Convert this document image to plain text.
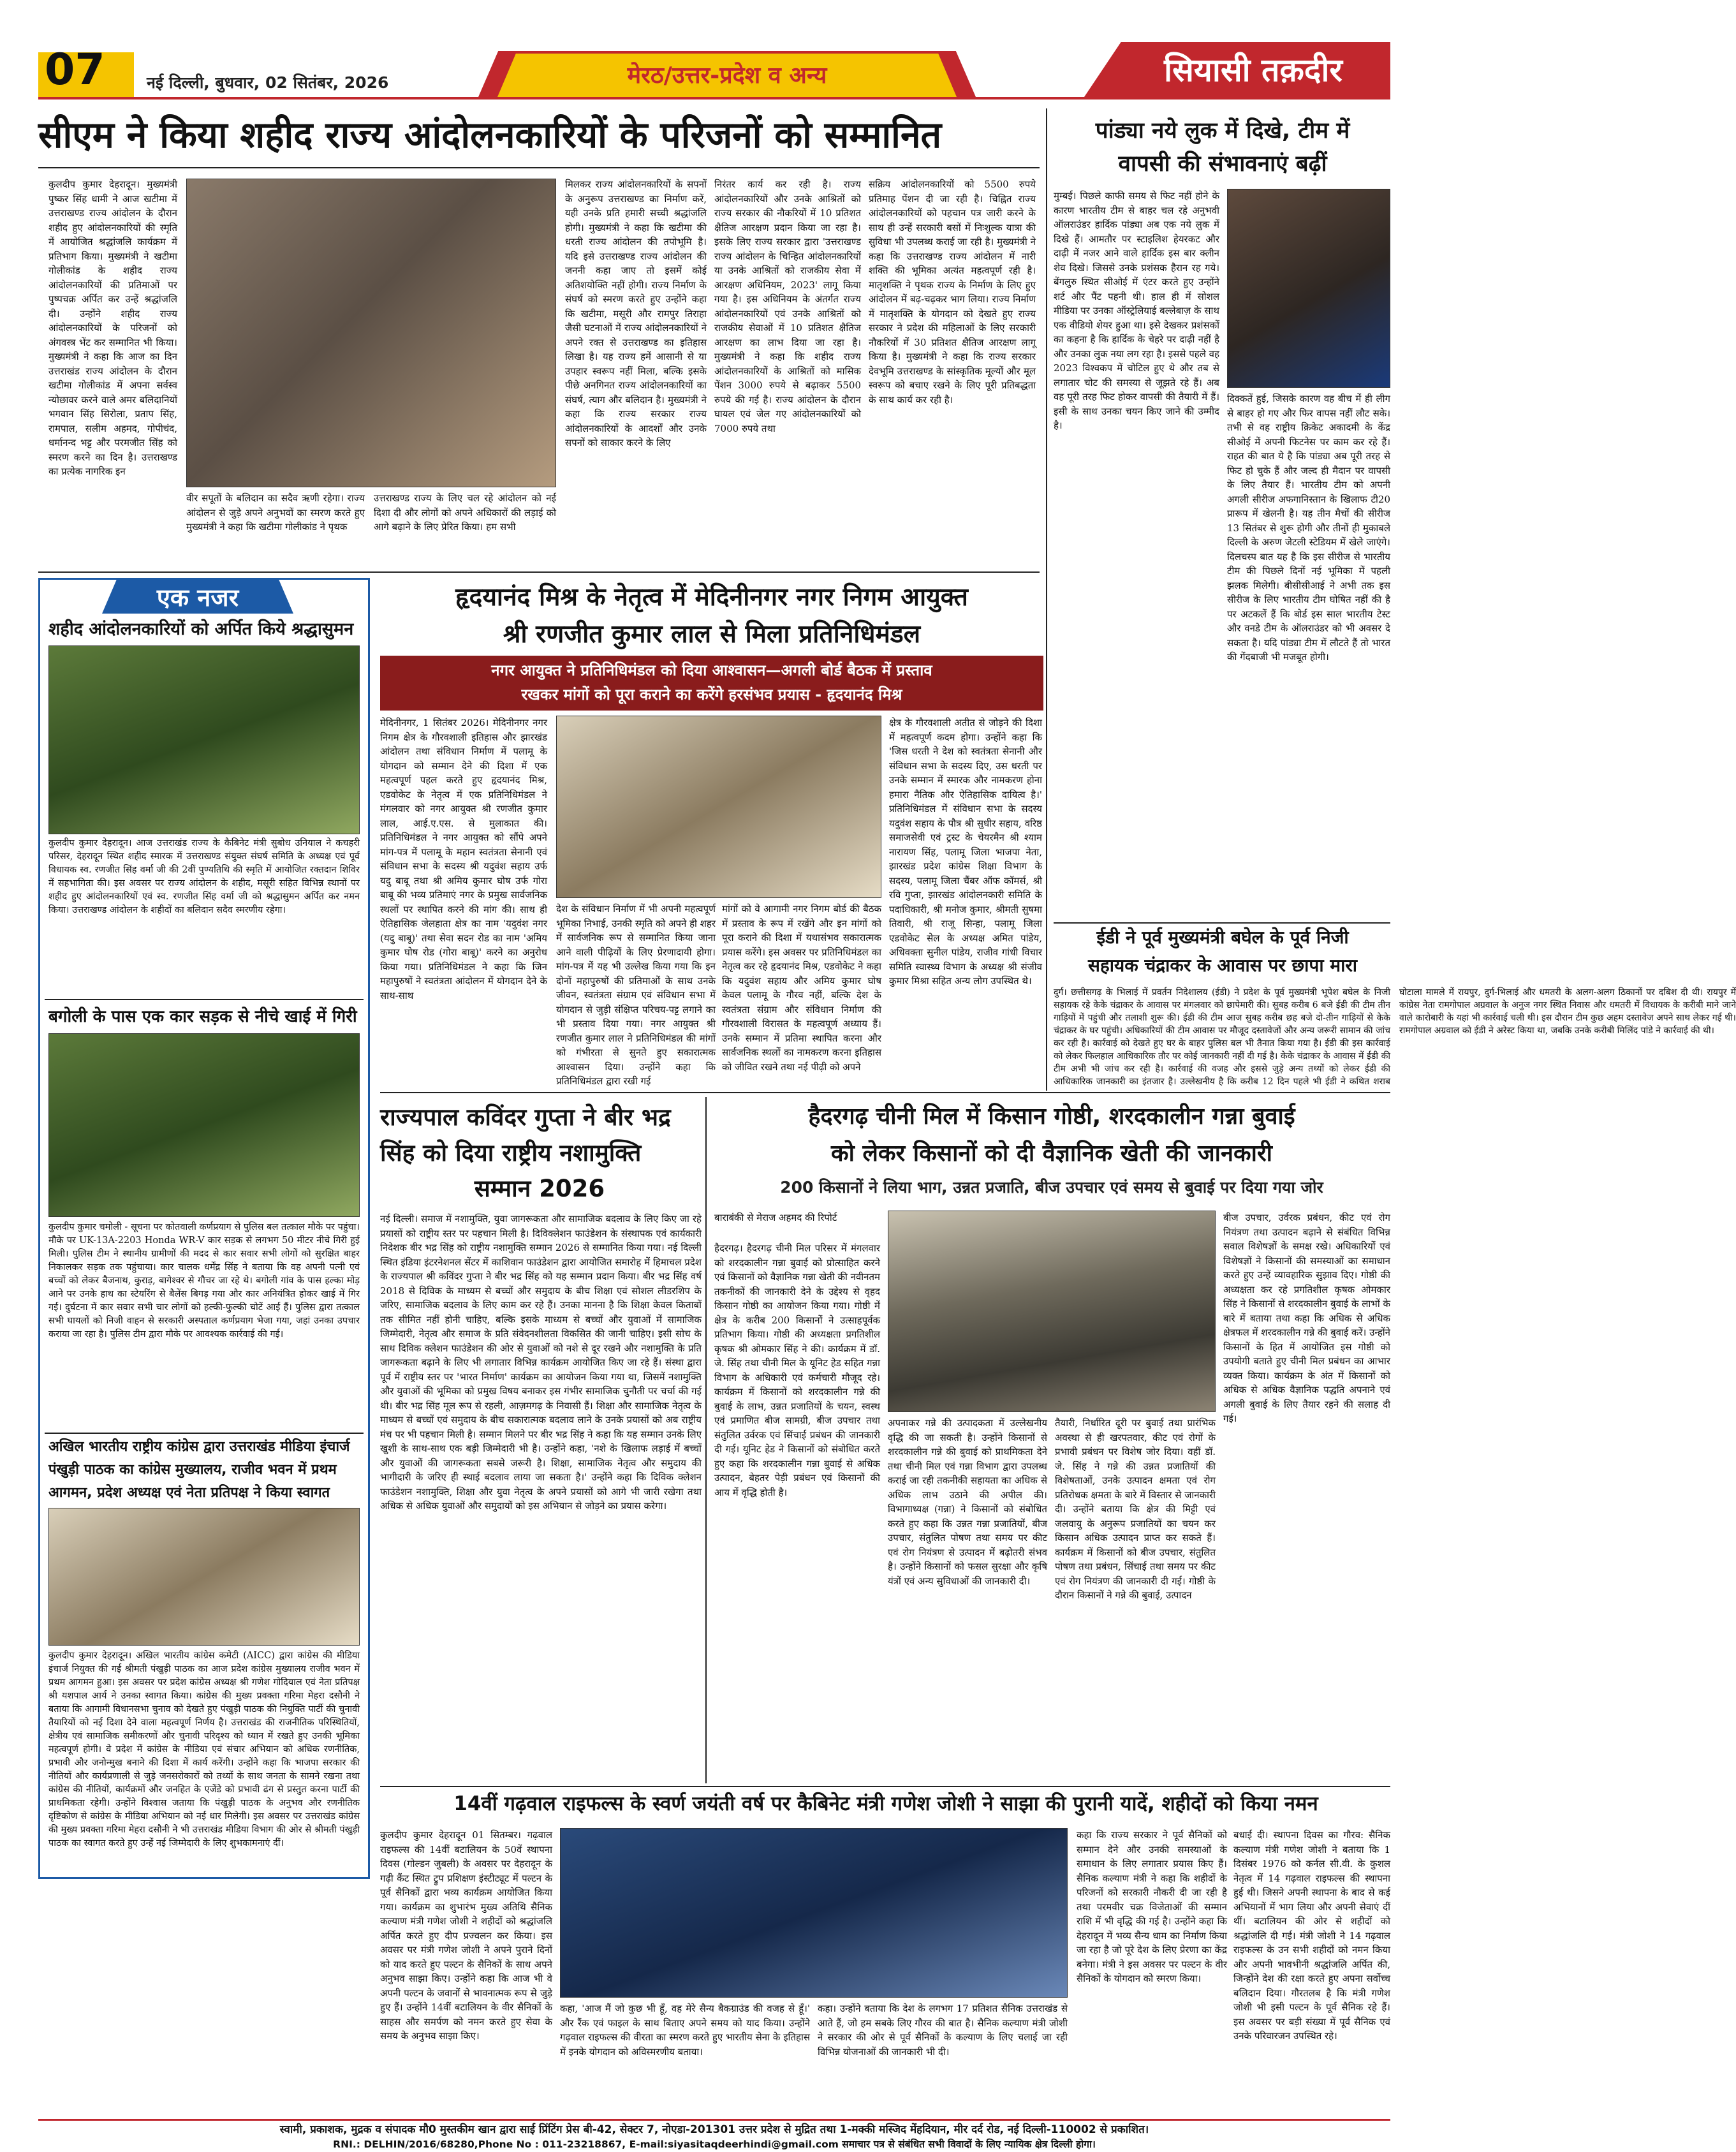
07	नई दिल्ली, बुधवार, 02 सितंबर, 2026	मेरठ/उत्तर-प्रदेश व अन्य	सियासी तक़दीर
सीएम ने किया शहीद राज्य आंदोलनकारियों के परिजनों को सम्मानित
कुलदीप कुमार देहरादून। मुख्यमंत्री पुष्कर सिंह धामी ने आज खटीमा में उत्तराखण्ड राज्य आंदोलन के दौरान शहीद हुए आंदोलनकारियों की स्मृति में आयोजित श्रद्धांजलि कार्यक्रम में प्रतिभाग किया। मुख्यमंत्री ने खटीमा गोलीकांड के शहीद राज्य आंदोलनकारियों की प्रतिमाओं पर पुष्पचक्र अर्पित कर उन्हें श्रद्धांजलि दी। उन्होंने शहीद राज्य आंदोलनकारियों के परिजनों को अंगवस्त्र भेंट कर सम्मानित भी किया। मुख्यमंत्री ने कहा कि आज का दिन उत्तराखंड राज्य आंदोलन के दौरान खटीमा गोलीकांड में अपना सर्वस्व न्योछावर करने वाले अमर बलिदानियों भगवान सिंह सिरोला, प्रताप सिंह, रामपाल, सलीम अहमद, गोपीचंद, धर्मानन्द भट्ट और परमजीत सिंह को स्मरण करने का दिन है। उत्तराखण्ड का प्रत्येक नागरिक इन
वीर सपूतों के बलिदान का सदैव ऋणी रहेगा। राज्य आंदोलन से जुड़े अपने अनुभवों का स्मरण करते हुए मुख्यमंत्री ने कहा कि खटीमा गोलीकांड ने पृथक
उत्तराखण्ड राज्य के लिए चल रहे आंदोलन को नई दिशा दी और लोगों को अपने अधिकारों की लड़ाई को आगे बढ़ाने के लिए प्रेरित किया। हम सभी
मिलकर राज्य आंदोलनकारियों के सपनों के अनुरूप उत्तराखण्ड का निर्माण करें, यही उनके प्रति हमारी सच्ची श्रद्धांजलि होगी। मुख्यमंत्री ने कहा कि खटीमा की धरती राज्य आंदोलन की तपोभूमि है। यदि इसे उत्तराखण्ड राज्य आंदोलन की जननी कहा जाए तो इसमें कोई अतिशयोक्ति नहीं होगी। राज्य निर्माण के संघर्ष को स्मरण करते हुए उन्होंने कहा कि खटीमा, मसूरी और रामपुर तिराहा जैसी घटनाओं में राज्य आंदोलनकारियों ने अपने रक्त से उत्तराखण्ड का इतिहास लिखा है। यह राज्य हमें आसानी से या उपहार स्वरूप नहीं मिला, बल्कि इसके पीछे अनगिनत राज्य आंदोलनकारियों का संघर्ष, त्याग और बलिदान है। मुख्यमंत्री ने कहा कि राज्य सरकार राज्य आंदोलनकारियों के आदर्शों और उनके सपनों को साकार करने के लिए
निरंतर कार्य कर रही है। राज्य आंदोलनकारियों और उनके आश्रितों को राज्य सरकार की नौकरियों में 10 प्रतिशत क्षैतिज आरक्षण प्रदान किया जा रहा है। इसके लिए राज्य सरकार द्वारा 'उत्तराखण्ड राज्य आंदोलन के चिन्हित आंदोलनकारियों या उनके आश्रितों को राजकीय सेवा में आरक्षण अधिनियम, 2023' लागू किया गया है। इस अधिनियम के अंतर्गत राज्य आंदोलनकारियों एवं उनके आश्रितों को राजकीय सेवाओं में 10 प्रतिशत क्षैतिज आरक्षण का लाभ दिया जा रहा है। मुख्यमंत्री ने कहा कि शहीद राज्य आंदोलनकारियों के आश्रितों को मासिक पेंशन 3000 रुपये से बढ़ाकर 5500 रुपये की गई है। राज्य आंदोलन के दौरान घायल एवं जेल गए आंदोलनकारियों को 7000 रुपये तथा
सक्रिय आंदोलनकारियों को 5500 रुपये प्रतिमाह पेंशन दी जा रही है। चिह्नित राज्य आंदोलनकारियों को पहचान पत्र जारी करने के साथ ही उन्हें सरकारी बसों में निःशुल्क यात्रा की सुविधा भी उपलब्ध कराई जा रही है। मुख्यमंत्री ने कहा कि उत्तराखण्ड राज्य आंदोलन में नारी शक्ति की भूमिका अत्यंत महत्वपूर्ण रही है। मातृशक्ति ने पृथक राज्य के निर्माण के लिए हुए आंदोलन में बढ़-चढ़कर भाग लिया। राज्य निर्माण में मातृशक्ति के योगदान को देखते हुए राज्य सरकार ने प्रदेश की महिलाओं के लिए सरकारी नौकरियों में 30 प्रतिशत क्षैतिज आरक्षण लागू किया है। मुख्यमंत्री ने कहा कि राज्य सरकार देवभूमि उत्तराखण्ड के सांस्कृतिक मूल्यों और मूल स्वरूप को बचाए रखने के लिए पूरी प्रतिबद्धता के साथ कार्य कर रही है।
एक नजर
शहीद आंदोलनकारियों को अर्पित किये श्रद्धासुमन
कुलदीप कुमार देहरादून। आज उत्तराखंड राज्य के कैबिनेट मंत्री सुबोध उनियाल ने कचहरी परिसर, देहरादून स्थित शहीद स्मारक में उत्तराखण्ड संयुक्त संघर्ष समिति के अध्यक्ष एवं पूर्व विधायक स्व. रणजीत सिंह वर्मा जी की 2वीं पुण्यतिथि की स्मृति में आयोजित रक्तदान शिविर में सहभागिता की। इस अवसर पर राज्य आंदोलन के शहीद, मसूरी सहित विभिन्न स्थानों पर शहीद हुए आंदोलनकारियों एवं स्व. रणजीत सिंह वर्मा जी को श्रद्धासुमन अर्पित कर नमन किया। उत्तराखण्ड आंदोलन के शहीदों का बलिदान सदैव स्मरणीय रहेगा।
बगोली के पास एक कार सड़क से नीचे खाई में गिरी
कुलदीप कुमार चमोली - सूचना पर कोतवाली कर्णप्रयाग से पुलिस बल तत्काल मौके पर पहुंचा। मौके पर UK-13A-2203 Honda WR-V कार सड़क से लगभग 50 मीटर नीचे गिरी हुई मिली। पुलिस टीम ने स्थानीय ग्रामीणों की मदद से कार सवार सभी लोगों को सुरक्षित बाहर निकालकर सड़क तक पहुंचाया। कार चालक धर्मेंद्र सिंह ने बताया कि वह अपनी पत्नी एवं बच्चों को लेकर बैजनाथ, कुराड़, बागेश्वर से गौचर जा रहे थे। बगोली गांव के पास हल्का मोड़ आने पर उनके हाथ का स्टेयरिंग से बैलेंस बिगड़ गया और कार अनियंत्रित होकर खाई में गिर गई। दुर्घटना में कार सवार सभी चार लोगों को हल्की-फुल्की चोटें आई हैं। पुलिस द्वारा तत्काल सभी घायलों को निजी वाहन से सरकारी अस्पताल कर्णप्रयाग भेजा गया, जहां उनका उपचार कराया जा रहा है। पुलिस टीम द्वारा मौके पर आवश्यक कार्रवाई की गई।
अखिल भारतीय राष्ट्रीय कांग्रेस द्वारा उत्तराखंड मीडिया इंचार्ज
पंखुड़ी पाठक का कांग्रेस मुख्यालय, राजीव भवन में प्रथम
आगमन, प्रदेश अध्यक्ष एवं नेता प्रतिपक्ष ने किया स्वागत
कुलदीप कुमार देहरादून। अखिल भारतीय कांग्रेस कमेटी (AICC) द्वारा कांग्रेस की मीडिया इंचार्ज नियुक्त की गई श्रीमती पंखुड़ी पाठक का आज प्रदेश कांग्रेस मुख्यालय राजीव भवन में प्रथम आगमन हुआ। इस अवसर पर प्रदेश कांग्रेस अध्यक्ष श्री गणेश गोदियाल एवं नेता प्रतिपक्ष श्री यशपाल आर्य ने उनका स्वागत किया। कांग्रेस की मुख्य प्रवक्ता गरिमा मेहरा दसौनी ने बताया कि आगामी विधानसभा चुनाव को देखते हुए पंखुड़ी पाठक की नियुक्ति पार्टी की चुनावी तैयारियों को नई दिशा देने वाला महत्वपूर्ण निर्णय है। उत्तराखंड की राजनीतिक परिस्थितियों, क्षेत्रीय एवं सामाजिक समीकरणों और चुनावी परिदृश्य को ध्यान में रखते हुए उनकी भूमिका महत्वपूर्ण होगी। वे प्रदेश में कांग्रेस के मीडिया एवं संचार अभियान को अधिक रणनीतिक, प्रभावी और जनोन्मुख बनाने की दिशा में कार्य करेंगी। उन्होंने कहा कि भाजपा सरकार की नीतियों और कार्यप्रणाली से जुड़े जनसरोकारों को तथ्यों के साथ जनता के सामने रखना तथा कांग्रेस की नीतियों, कार्यक्रमों और जनहित के एजेंडे को प्रभावी ढंग से प्रस्तुत करना पार्टी की प्राथमिकता रहेगी। उन्होंने विश्वास जताया कि पंखुड़ी पाठक के अनुभव और रणनीतिक दृष्टिकोण से कांग्रेस के मीडिया अभियान को नई धार मिलेगी। इस अवसर पर उत्तराखंड कांग्रेस की मुख्य प्रवक्ता गरिमा मेहरा दसौनी ने भी उत्तराखंड मीडिया विभाग की ओर से श्रीमती पंखुड़ी पाठक का स्वागत करते हुए उन्हें नई जिम्मेदारी के लिए शुभकामनाएं दीं।
हृदयानंद मिश्र के नेतृत्व में मेदिनीनगर नगर निगम आयुक्त
श्री रणजीत कुमार लाल से मिला प्रतिनिधिमंडल
नगर आयुक्त ने प्रतिनिधिमंडल को दिया आश्वासन—अगली बोर्ड बैठक में प्रस्ताव
रखकर मांगों को पूरा कराने का करेंगे हरसंभव प्रयास - हृदयानंद मिश्र
मेदिनीनगर, 1 सितंबर 2026। मेदिनीनगर नगर निगम क्षेत्र के गौरवशाली इतिहास और झारखंड आंदोलन तथा संविधान निर्माण में पलामू के योगदान को सम्मान देने की दिशा में एक महत्वपूर्ण पहल करते हुए हृदयानंद मिश्र, एडवोकेट के नेतृत्व में एक प्रतिनिधिमंडल ने मंगलवार को नगर आयुक्त श्री रणजीत कुमार लाल, आई.ए.एस. से मुलाकात की। प्रतिनिधिमंडल ने नगर आयुक्त को सौंपे अपने मांग-पत्र में पलामू के महान स्वतंत्रता सेनानी एवं संविधान सभा के सदस्य श्री यदुवंश सहाय उर्फ यदु बाबू तथा श्री अमिय कुमार घोष उर्फ गोरा बाबू की भव्य प्रतिमाएं नगर के प्रमुख सार्वजनिक स्थलों पर स्थापित करने की मांग की। साथ ही ऐतिहासिक जेलहाता क्षेत्र का नाम 'यदुवंश नगर (यदु बाबू)' तथा सेवा सदन रोड का नाम 'अमिय कुमार घोष रोड (गोरा बाबू)' करने का अनुरोध किया गया। प्रतिनिधिमंडल ने कहा कि जिन महापुरुषों ने स्वतंत्रता आंदोलन में योगदान देने के साथ-साथ
देश के संविधान निर्माण में भी अपनी महत्वपूर्ण भूमिका निभाई, उनकी स्मृति को अपने ही शहर में सार्वजनिक रूप से सम्मानित किया जाना आने वाली पीढ़ियों के लिए प्रेरणादायी होगा। मांग-पत्र में यह भी उल्लेख किया गया कि इन दोनों महापुरुषों की प्रतिमाओं के साथ उनके जीवन, स्वतंत्रता संग्राम एवं संविधान सभा में योगदान से जुड़ी संक्षिप्त परिचय-पट्ट लगाने का भी प्रस्ताव दिया गया। नगर आयुक्त श्री रणजीत कुमार लाल ने प्रतिनिधिमंडल की मांगों को गंभीरता से सुनते हुए सकारात्मक आश्वासन दिया। उन्होंने कहा कि प्रतिनिधिमंडल द्वारा रखी गई
मांगों को वे आगामी नगर निगम बोर्ड की बैठक में प्रस्ताव के रूप में रखेंगे और इन मांगों को पूरा कराने की दिशा में यथासंभव सकारात्मक प्रयास करेंगे। इस अवसर पर प्रतिनिधिमंडल का नेतृत्व कर रहे हृदयानंद मिश्र, एडवोकेट ने कहा कि यदुवंश सहाय और अमिय कुमार घोष केवल पलामू के गौरव नहीं, बल्कि देश के स्वतंत्रता संग्राम और संविधान निर्माण की गौरवशाली विरासत के महत्वपूर्ण अध्याय हैं। उनके सम्मान में प्रतिमा स्थापित करना और सार्वजनिक स्थलों का नामकरण करना इतिहास को जीवित रखने तथा नई पीढ़ी को अपने
क्षेत्र के गौरवशाली अतीत से जोड़ने की दिशा में महत्वपूर्ण कदम होगा। उन्होंने कहा कि 'जिस धरती ने देश को स्वतंत्रता सेनानी और संविधान सभा के सदस्य दिए, उस धरती पर उनके सम्मान में स्मारक और नामकरण होना हमारा नैतिक और ऐतिहासिक दायित्व है।' प्रतिनिधिमंडल में संविधान सभा के सदस्य यदुवंश सहाय के पौत्र श्री सुधीर सहाय, वरिष्ठ समाजसेवी एवं ट्रस्ट के चेयरमैन श्री श्याम नारायण सिंह, पलामू जिला भाजपा नेता, झारखंड प्रदेश कांग्रेस शिक्षा विभाग के सदस्य, पलामू जिला चैंबर ऑफ कॉमर्स, श्री रवि गुप्ता, झारखंड आंदोलनकारी समिति के पदाधिकारी, श्री मनोज कुमार, श्रीमती सुषमा तिवारी, श्री राजू सिन्हा, पलामू जिला एडवोकेट सेल के अध्यक्ष अमित पांडेय, अधिवक्ता सुनील पांडेय, राजीव गांधी विचार समिति स्वास्थ्य विभाग के अध्यक्ष श्री संजीव कुमार मिश्रा सहित अन्य लोग उपस्थित थे।
पांड्या नये लुक में दिखे, टीम में
वापसी की संभावनाएं बढ़ीं
मुम्बई। पिछले काफी समय से फिट नहीं होने के कारण भारतीय टीम से बाहर चल रहे अनुभवी ऑलराउंडर हार्दिक पांड्या अब एक नये लुक में दिखे हैं। आमतौर पर स्टाइलिश हेयरकट और दाढ़ी में नजर आने वाले हार्दिक इस बार क्लीन शेव दिखे। जिससे उनके प्रशंसक हैरान रह गये। बेंगलुरु स्थित सीओई में एंटर करते हुए उन्होंने शर्ट और पैंट पहनी थी। हाल ही में सोशल मीडिया पर उनका ऑस्ट्रेलियाई बल्लेबाज़ के साथ एक वीडियो शेयर हुआ था। इसे देखकर प्रशंसकों का कहना है कि हार्दिक के चेहरे पर दाढ़ी नहीं है और उनका लुक नया लग रहा है। इससे पहले वह 2023 विश्वकप में चोटिल हुए थे और तब से लगातार चोट की समस्या से जूझते रहे हैं। अब वह पूरी तरह फिट होकर वापसी की तैयारी में हैं। इसी के साथ उनका चयन किए जाने की उम्मीद है।
दिक्कतें हुई, जिसके कारण वह बीच में ही लीग से बाहर हो गए और फिर वापस नहीं लौट सके। तभी से वह राष्ट्रीय क्रिकेट अकादमी के केंद्र सीओई में अपनी फिटनेस पर काम कर रहे हैं। राहत की बात ये है कि पांड्या अब पूरी तरह से फिट हो चुके हैं और जल्द ही मैदान पर वापसी के लिए तैयार हैं। भारतीय टीम को अपनी अगली सीरीज अफगानिस्तान के खिलाफ टी20 प्रारूप में खेलनी है। यह तीन मैचों की सीरीज 13 सितंबर से शुरू होगी और तीनों ही मुकाबले दिल्ली के अरुण जेटली स्टेडियम में खेले जाएंगे। दिलचस्प बात यह है कि इस सीरीज से भारतीय टीम की पिछले दिनों नई भूमिका में पहली झलक मिलेगी। बीसीसीआई ने अभी तक इस सीरीज के लिए भारतीय टीम घोषित नहीं की है पर अटकलें हैं कि बोर्ड इस साल भारतीय टेस्ट और वनडे टीम के ऑलराउंडर को भी अवसर दे सकता है। यदि पांड्या टीम में लौटते हैं तो भारत की गेंदबाजी भी मजबूत होगी।
ईडी ने पूर्व मुख्यमंत्री बघेल के पूर्व निजी
सहायक चंद्राकर के आवास पर छापा मारा
दुर्ग। छत्तीसगढ़ के भिलाई में प्रवर्तन निदेशालय (ईडी) ने प्रदेश के पूर्व मुख्यमंत्री भूपेश बघेल के निजी सहायक रहे केके चंद्राकर के आवास पर मंगलवार को छापेमारी की। सुबह करीब 6 बजे ईडी की टीम तीन गाड़ियों में पहुंची और तलाशी शुरू की। ईडी की टीम आज सुबह करीब छह बजे दो-तीन गाड़ियों से केके चंद्राकर के घर पहुंची। अधिकारियों की टीम आवास पर मौजूद दस्तावेजों और अन्य जरूरी सामान की जांच कर रही है। कार्रवाई को देखते हुए घर के बाहर पुलिस बल भी तैनात किया गया है। ईडी की इस कार्रवाई को लेकर फिलहाल आधिकारिक तौर पर कोई जानकारी नहीं दी गई है। केके चंद्राकर के आवास में ईडी की टीम अभी भी जांच कर रही है। कार्रवाई की वजह और इससे जुड़े अन्य तथ्यों को लेकर ईडी की आधिकारिक जानकारी का इंतजार है। उल्लेखनीय है कि करीब 12 दिन पहले भी ईडी ने कथित शराब घोटाला मामले में रायपुर, दुर्ग-भिलाई और धमतरी के अलग-अलग ठिकानों पर दबिश दी थी। रायपुर में कांग्रेस नेता रामगोपाल अग्रवाल के अनुज नगर स्थित निवास और धमतरी में विधायक के करीबी माने जाने वाले कारोबारी के यहां भी कार्रवाई चली थी। इस दौरान टीम कुछ अहम दस्तावेज अपने साथ लेकर गई थी। रामगोपाल अग्रवाल को ईडी ने अरेस्ट किया था, जबकि उनके करीबी मिलिंद पांडे ने कार्रवाई की थी।
राज्यपाल कविंदर गुप्ता ने बीर भद्र
सिंह को दिया राष्ट्रीय नशामुक्ति
सम्मान 2026
नई दिल्ली। समाज में नशामुक्ति, युवा जागरूकता और सामाजिक बदलाव के लिए किए जा रहे प्रयासों को राष्ट्रीय स्तर पर पहचान मिली है। दिविक्लेशन फाउंडेशन के संस्थापक एवं कार्यकारी निदेशक बीर भद्र सिंह को राष्ट्रीय नशामुक्ति सम्मान 2026 से सम्मानित किया गया। नई दिल्ली स्थित इंडिया इंटरनेशनल सेंटर में काशिवान फाउंडेशन द्वारा आयोजित समारोह में हिमाचल प्रदेश के राज्यपाल श्री कविंदर गुप्ता ने बीर भद्र सिंह को यह सम्मान प्रदान किया। बीर भद्र सिंह वर्ष 2018 से दिविक के माध्यम से बच्चों और समुदाय के बीच शिक्षा एवं सोशल लीडरशिप के जरिए, सामाजिक बदलाव के लिए काम कर रहे हैं। उनका मानना है कि शिक्षा केवल किताबों तक सीमित नहीं होनी चाहिए, बल्कि इसके माध्यम से बच्चों और युवाओं में सामाजिक जिम्मेदारी, नेतृत्व और समाज के प्रति संवेदनशीलता विकसित की जानी चाहिए। इसी सोच के साथ दिविक क्लेशन फाउंडेशन की ओर से युवाओं को नशे से दूर रखने और नशामुक्ति के प्रति जागरूकता बढ़ाने के लिए भी लगातार विभिन्न कार्यक्रम आयोजित किए जा रहे हैं। संस्था द्वारा पूर्व में राष्ट्रीय स्तर पर 'भारत निर्माण' कार्यक्रम का आयोजन किया गया था, जिसमें नशामुक्ति और युवाओं की भूमिका को प्रमुख विषय बनाकर इस गंभीर सामाजिक चुनौती पर चर्चा की गई थी। बीर भद्र सिंह मूल रूप से रहली, आज़मगढ़ के निवासी हैं। शिक्षा और सामाजिक नेतृत्व के माध्यम से बच्चों एवं समुदाय के बीच सकारात्मक बदलाव लाने के उनके प्रयासों को अब राष्ट्रीय मंच पर भी पहचान मिली है। सम्मान मिलने पर बीर भद्र सिंह ने कहा कि यह सम्मान उनके लिए खुशी के साथ-साथ एक बड़ी जिम्मेदारी भी है। उन्होंने कहा, 'नशे के खिलाफ लड़ाई में बच्चों और युवाओं की जागरूकता सबसे जरूरी है। शिक्षा, सामाजिक नेतृत्व और समुदाय की भागीदारी के जरिए ही स्थाई बदलाव लाया जा सकता है।' उन्होंने कहा कि दिविक क्लेशन फाउंडेशन नशामुक्ति, शिक्षा और युवा नेतृत्व के अपने प्रयासों को आगे भी जारी रखेगा तथा अधिक से अधिक युवाओं और समुदायों को इस अभियान से जोड़ने का प्रयास करेगा।
हैदरगढ़ चीनी मिल में किसान गोष्ठी, शरदकालीन गन्ना बुवाई
को लेकर किसानों को दी वैज्ञानिक खेती की जानकारी
200 किसानों ने लिया भाग, उन्नत प्रजाति, बीज उपचार एवं समय से बुवाई पर दिया गया जोर
बाराबंकी से मेराज अहमद की रिपोर्ट
हैदरगढ़। हैदरगढ़ चीनी मिल परिसर में मंगलवार को शरदकालीन गन्ना बुवाई को प्रोत्साहित करने एवं किसानों को वैज्ञानिक गन्ना खेती की नवीनतम तकनीकों की जानकारी देने के उद्देश्य से वृहद किसान गोष्ठी का आयोजन किया गया। गोष्ठी में क्षेत्र के करीब 200 किसानों ने उत्साहपूर्वक प्रतिभाग किया। गोष्ठी की अध्यक्षता प्रगतिशील कृषक श्री ओमकार सिंह ने की। कार्यक्रम में डॉ. जे. सिंह तथा चीनी मिल के यूनिट हेड सहित गन्ना विभाग के अधिकारी एवं कर्मचारी मौजूद रहे। कार्यक्रम में किसानों को शरदकालीन गन्ने की बुवाई के लाभ, उन्नत प्रजातियों के चयन, स्वस्थ एवं प्रमाणित बीज सामग्री, बीज उपचार तथा संतुलित उर्वरक एवं सिंचाई प्रबंधन की जानकारी दी गई। यूनिट हेड ने किसानों को संबोधित करते हुए कहा कि शरदकालीन गन्ना बुवाई से अधिक उत्पादन, बेहतर पेड़ी प्रबंधन एवं किसानों की आय में वृद्धि होती है।
अपनाकर गन्ने की उत्पादकता में उल्लेखनीय वृद्धि की जा सकती है। उन्होंने किसानों से शरदकालीन गन्ने की बुवाई को प्राथमिकता देने तथा चीनी मिल एवं गन्ना विभाग द्वारा उपलब्ध कराई जा रही तकनीकी सहायता का अधिक से अधिक लाभ उठाने की अपील की। विभागाध्यक्ष (गन्ना) ने किसानों को संबोधित करते हुए कहा कि उन्नत गन्ना प्रजातियों, बीज उपचार, संतुलित पोषण तथा समय पर कीट एवं रोग नियंत्रण से उत्पादन में बढ़ोतरी संभव है। उन्होंने किसानों को फसल सुरक्षा और कृषि यंत्रों एवं अन्य सुविधाओं की जानकारी दी।
तैयारी, निर्धारित दूरी पर बुवाई तथा प्रारंभिक अवस्था से ही खरपतवार, कीट एवं रोगों के प्रभावी प्रबंधन पर विशेष जोर दिया। वहीं डॉ. जे. सिंह ने गन्ने की उन्नत प्रजातियों की विशेषताओं, उनके उत्पादन क्षमता एवं रोग प्रतिरोधक क्षमता के बारे में विस्तार से जानकारी दी। उन्होंने बताया कि क्षेत्र की मिट्टी एवं जलवायु के अनुरूप प्रजातियों का चयन कर किसान अधिक उत्पादन प्राप्त कर सकते हैं। कार्यक्रम में किसानों को बीज उपचार, संतुलित पोषण तथा प्रबंधन, सिंचाई तथा समय पर कीट एवं रोग नियंत्रण की जानकारी दी गई। गोष्ठी के दौरान किसानों ने गन्ने की बुवाई, उत्पादन
बीज उपचार, उर्वरक प्रबंधन, कीट एवं रोग नियंत्रण तथा उत्पादन बढ़ाने से संबंधित विभिन्न सवाल विशेषज्ञों के समक्ष रखे। अधिकारियों एवं विशेषज्ञों ने किसानों की समस्याओं का समाधान करते हुए उन्हें व्यावहारिक सुझाव दिए। गोष्ठी की अध्यक्षता कर रहे प्रगतिशील कृषक ओमकार सिंह ने किसानों से शरदकालीन बुवाई के लाभों के बारे में बताया तथा कहा कि अधिक से अधिक क्षेत्रफल में शरदकालीन गन्ने की बुवाई करें। उन्होंने किसानों के हित में आयोजित इस गोष्ठी को उपयोगी बताते हुए चीनी मिल प्रबंधन का आभार व्यक्त किया। कार्यक्रम के अंत में किसानों को अधिक से अधिक वैज्ञानिक पद्धति अपनाने एवं अगली बुवाई के लिए तैयार रहने की सलाह दी गई।
14वीं गढ़वाल राइफल्स के स्वर्ण जयंती वर्ष पर कैबिनेट मंत्री गणेश जोशी ने साझा की पुरानी यादें, शहीदों को किया नमन
कुलदीप कुमार देहरादून 01 सितम्बर। गढ़वाल राइफल्स की 14वीं बटालियन के 50वें स्थापना दिवस (गोल्डन जुबली) के अवसर पर देहरादून के गढ़ी कैंट स्थित ट्रुप प्रशिक्षण इंस्टीट्यूट में पल्टन के पूर्व सैनिकों द्वारा भव्य कार्यक्रम आयोजित किया गया। कार्यक्रम का शुभारंभ मुख्य अतिथि सैनिक कल्याण मंत्री गणेश जोशी ने शहीदों को श्रद्धांजलि अर्पित करते हुए दीप प्रज्वलन कर किया। इस अवसर पर मंत्री गणेश जोशी ने अपने पुराने दिनों को याद करते हुए पल्टन के सैनिकों के साथ अपने अनुभव साझा किए। उन्होंने कहा कि आज भी वे अपनी पल्टन के जवानों से भावनात्मक रूप से जुड़े हुए हैं। उन्होंने 14वीं बटालियन के वीर सैनिकों के साहस और समर्पण को नमन करते हुए सेवा के समय के अनुभव साझा किए।
कहा, 'आज मैं जो कुछ भी हूँ, वह मेरे सैन्य बैकग्राउंड की वजह से हूँ।' और रैंक एवं फाइल के साथ बिताए अपने समय को याद किया। उन्होंने गढ़वाल राइफल्स की वीरता का स्मरण करते हुए भारतीय सेना के इतिहास में इनके योगदान को अविस्मरणीय बताया।
कहा। उन्होंने बताया कि देश के लगभग 17 प्रतिशत सैनिक उत्तराखंड से आते हैं, जो हम सबके लिए गौरव की बात है। सैनिक कल्याण मंत्री जोशी ने सरकार की ओर से पूर्व सैनिकों के कल्याण के लिए चलाई जा रही विभिन्न योजनाओं की जानकारी भी दी।
कहा कि राज्य सरकार ने पूर्व सैनिकों को सम्मान देने और उनकी समस्याओं के समाधान के लिए लगातार प्रयास किए हैं। सैनिक कल्याण मंत्री ने कहा कि शहीदों के परिजनों को सरकारी नौकरी दी जा रही है तथा परमवीर चक्र विजेताओं की सम्मान राशि में भी वृद्धि की गई है। उन्होंने कहा कि देहरादून में भव्य सैन्य धाम का निर्माण किया जा रहा है जो पूरे देश के लिए प्रेरणा का केंद्र बनेगा। मंत्री ने इस अवसर पर पल्टन के वीर सैनिकों के योगदान को स्मरण किया।
बधाई दी। स्थापना दिवस का गौरव: सैनिक कल्याण मंत्री गणेश जोशी ने बताया कि 1 दिसंबर 1976 को कर्नल सी.वी. के कुशल नेतृत्व में 14 गढ़वाल राइफल्स की स्थापना हुई थी। जिसने अपनी स्थापना के बाद से कई अभियानों में भाग लिया और अपनी सेवाएं दीं थीं। बटालियन की ओर से शहीदों को श्रद्धांजलि दी गई। मंत्री जोशी ने 14 गढ़वाल राइफल्स के उन सभी शहीदों को नमन किया और अपनी भावभीनी श्रद्धांजलि अर्पित की, जिन्होंने देश की रक्षा करते हुए अपना सर्वोच्च बलिदान दिया। गौरतलब है कि मंत्री गणेश जोशी भी इसी पल्टन के पूर्व सैनिक रहे हैं। इस अवसर पर बड़ी संख्या में पूर्व सैनिक एवं उनके परिवारजन उपस्थित रहे।
स्वामी, प्रकाशक, मुद्रक व संपादक मौ0 मुस्तकीम खान द्वारा साई प्रिंटिंग प्रेस बी-42, सेक्टर 7, नोएडा-201301 उत्तर प्रदेश से मुद्रित तथा 1-मक्की मस्जिद मेंहदियान, मीर दर्द रोड, नई दिल्ली-110002 से प्रकाशित।
RNI.: DELHIN/2016/68280,Phone No : 011-23218867, E-mail:siyasitaqdeerhindi@gmail.com समाचार पत्र से संबंधित सभी विवादों के लिए न्यायिक क्षेत्र दिल्ली होगा।
